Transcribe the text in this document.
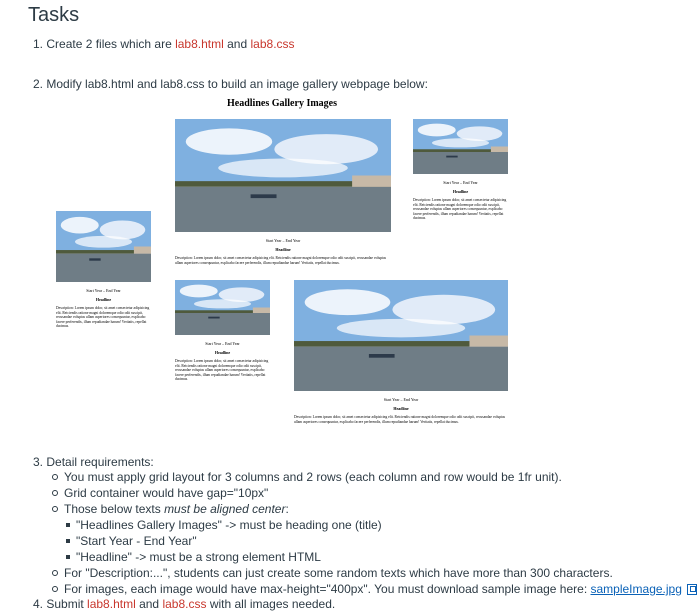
Tasks
1. Create 2 files which are lab8.html and lab8.css
2. Modify lab8.html and lab8.css to build an image gallery webpage below:
Headlines Gallery Images
Start Year – End Year
Headline
Description: Lorem ipsum dolor, sit amet consectetur adipisicing elit. Reiciendis ratione magni doloremque odio odit suscipit, recusandae voluptas ullam asperiores consequuntur, explicabo facere perferendis, illum repudiandae harum! Veritatis, repellat ducimus.
Start Year – End Year
Headline
Description: Lorem ipsum dolor, sit amet consectetur adipisicing elit. Reiciendis ratione magni doloremque odio odit suscipit, recusandae voluptas ullam asperiores consequuntur, explicabo facere perferendis, illum repudiandae harum! Veritatis, repellat ducimus.
Start Year – End Year
Headline
Description: Lorem ipsum dolor, sit amet consectetur adipisicing elit. Reiciendis ratione magni doloremque odio odit suscipit, recusandae voluptas ullam asperiores consequuntur, explicabo facere perferendis, illum repudiandae harum! Veritatis, repellat ducimus.
Start Year – End Year
Headline
Description: Lorem ipsum dolor, sit amet consectetur adipisicing elit. Reiciendis ratione magni doloremque odio odit suscipit, recusandae voluptas ullam asperiores consequuntur, explicabo facere perferendis, illum repudiandae harum! Veritatis, repellat ducimus.
Start Year – End Year
Headline
Description: Lorem ipsum dolor, sit amet consectetur adipisicing elit. Reiciendis ratione magni doloremque odio odit suscipit, recusandae voluptas ullam asperiores consequuntur, explicabo facere perferendis, illum repudiandae harum! Veritatis, repellat ducimus.
3. Detail requirements:
You must apply grid layout for 3 columns and 2 rows (each column and row would be 1fr unit).
Grid container would have gap="10px"
Those below texts must be aligned center:
"Headlines Gallery Images" -> must be heading one (title)
"Start Year - End Year"
"Headline" -> must be a strong element HTML
For "Description:...", students can just create some random texts which have more than 300 characters.
For images, each image would have max-height="400px". You must download sample image here: sampleImage.jpg
4. Submit lab8.html and lab8.css with all images needed.
